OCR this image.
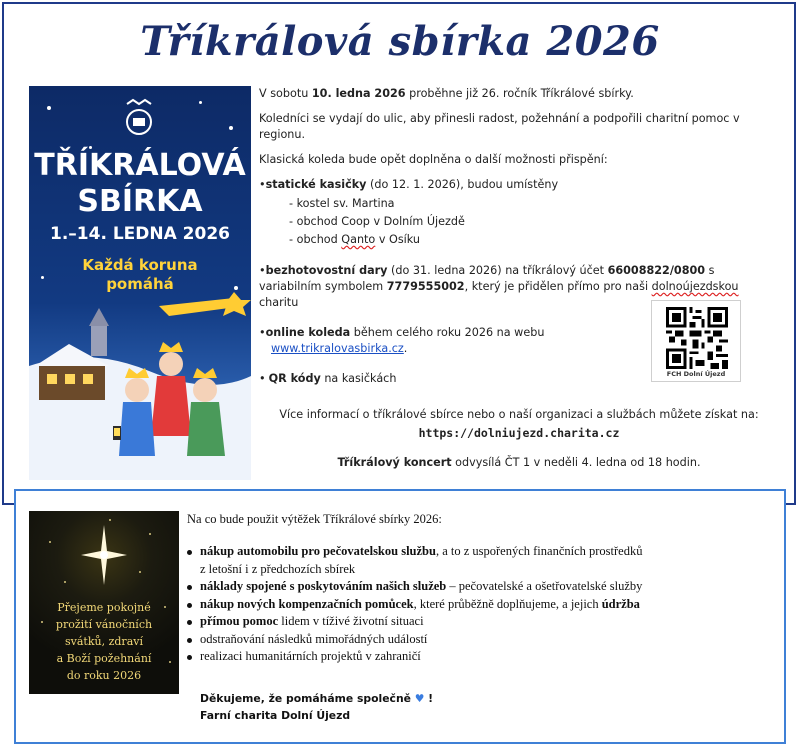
Tříkrálová sbírka 2026
TŘÍKRÁLOVÁ
SBÍRKA
1.–14. LEDNA 2026
Každá koruna
pomáhá

V sobotu 10. ledna 2026 proběhne již 26. ročník Tříkrálové sbírky.

Koledníci se vydají do ulic, aby přinesli radost, požehnání a podpořili charitní pomoc v regionu.

Klasická koleda bude opět doplněna o další možnosti přispění:

•statické kasičky (do 12. 1. 2026), budou umístěny
- kostel sv. Martina
- obchod Coop v Dolním Újezdě
- obchod Qanto v Osíku

•bezhotovostní dary (do 31. ledna 2026) na tříkrálový účet 66008822/0800 s variabilním symbolem 7779555002, který je přidělen přímo pro naši dolnoújezdskou charitu

•online koleda během celého roku 2026 na webu
www.trikralovasbirka.cz.

• QR kódy na kasičkách	FCH Dolní Újezd
Více informací o tříkrálové sbírce nebo o naší organizaci a službách můžete získat na:
https://dolniujezd.charita.cz
Tříkrálový koncert odvysílá ČT 1 v neděli 4. ledna od 18 hodin.
Přejeme pokojné
prožití vánočních
svátků, zdraví
a Boží požehnání
do roku 2026
Na co bude použit výtěžek Tříkrálové sbírky 2026:
nákup automobilu pro pečovatelskou službu, a to z uspořených finančních prostředků
z letošní i z předchozích sbírek
náklady spojené s poskytováním našich služeb – pečovatelské a ošetřovatelské služby
nákup nových kompenzačních pomůcek, které průběžně doplňujeme, a jejich údržba
přímou pomoc lidem v tíživé životní situaci
odstraňování následků mimořádných událostí
realizaci humanitárních projektů v zahraničí
Děkujeme, že pomáháme společně ♥ !
Farní charita Dolní Újezd
